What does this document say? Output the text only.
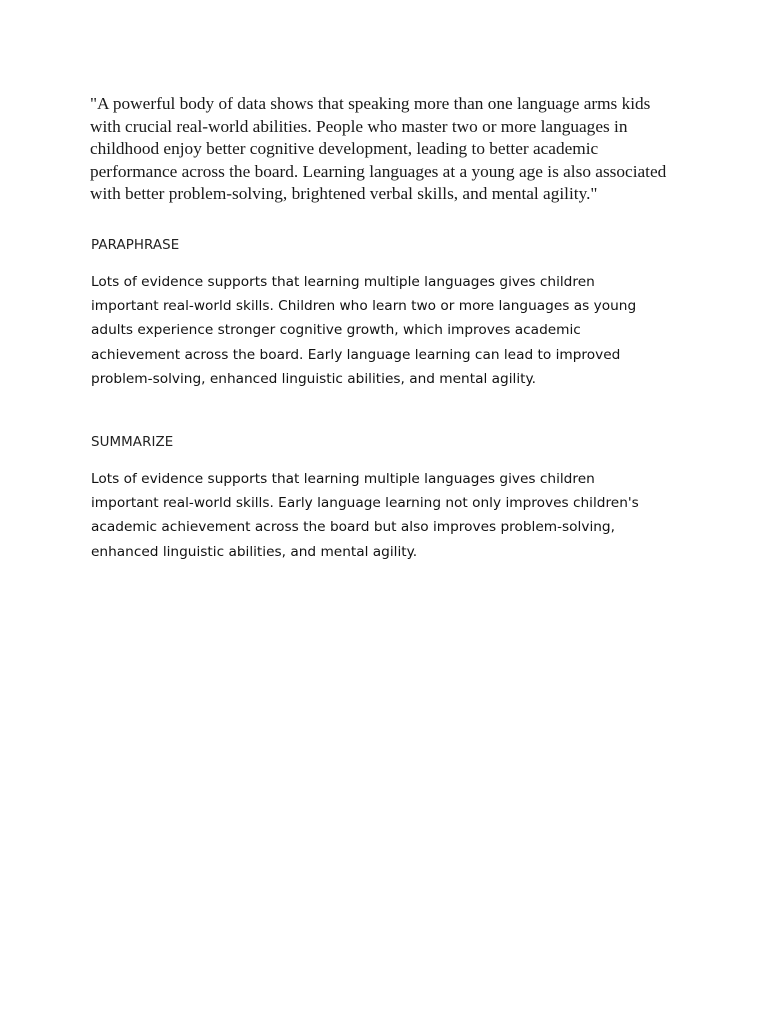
"A powerful body of data shows that speaking more than one language arms kids
with crucial real-world abilities. People who master two or more languages in
childhood enjoy better cognitive development, leading to better academic
performance across the board. Learning languages at a young age is also associated
with better problem-solving, brightened verbal skills, and mental agility."

PARAPHRASE

Lots of evidence supports that learning multiple languages gives children
important real-world skills. Children who learn two or more languages as young
adults experience stronger cognitive growth, which improves academic
achievement across the board. Early language learning can lead to improved
problem-solving, enhanced linguistic abilities, and mental agility.

SUMMARIZE

Lots of evidence supports that learning multiple languages gives children
important real-world skills. Early language learning not only improves children's
academic achievement across the board but also improves problem-solving,
enhanced linguistic abilities, and mental agility.
